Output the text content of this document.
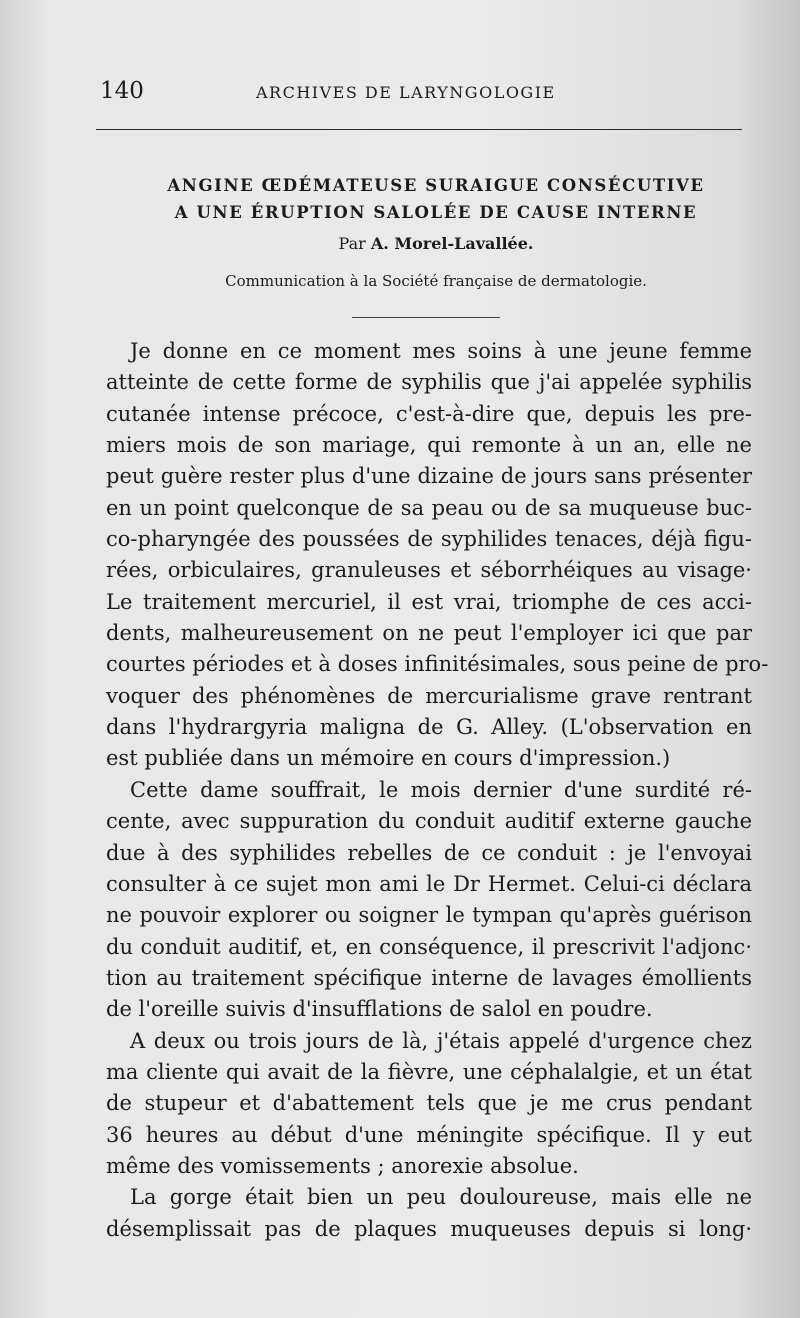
140	ARCHIVES DE LARYNGOLOGIE
ANGINE ŒDÉMATEUSE SURAIGUE CONSÉCUTIVE
A UNE ÉRUPTION SALOLÉE DE CAUSE INTERNE
Par A. Morel-Lavallée.
Communication à la Société française de dermatologie.
Je donne en ce moment mes soins à une jeune femme
atteinte de cette forme de syphilis que j'ai appelée syphilis
cutanée intense précoce, c'est-à-dire que, depuis les pre-
miers mois de son mariage, qui remonte à un an, elle ne
peut guère rester plus d'une dizaine de jours sans présenter
en un point quelconque de sa peau ou de sa muqueuse buc-
co-pharyngée des poussées de syphilides tenaces, déjà figu-
rées, orbiculaires, granuleuses et séborrhéiques au visage·
Le traitement mercuriel, il est vrai, triomphe de ces acci-
dents, malheureusement on ne peut l'employer ici que par
courtes périodes et à doses infinitésimales, sous peine de pro-
voquer des phénomènes de mercurialisme grave rentrant
dans l'hydrargyria maligna de G. Alley. (L'observation en
est publiée dans un mémoire en cours d'impression.)
Cette dame souffrait, le mois dernier d'une surdité ré-
cente, avec suppuration du conduit auditif externe gauche
due à des syphilides rebelles de ce conduit : je l'envoyai
consulter à ce sujet mon ami le Dr Hermet. Celui-ci déclara
ne pouvoir explorer ou soigner le tympan qu'après guérison
du conduit auditif, et, en conséquence, il prescrivit l'adjonc·
tion au traitement spécifique interne de lavages émollients
de l'oreille suivis d'insufflations de salol en poudre.
A deux ou trois jours de là, j'étais appelé d'urgence chez
ma cliente qui avait de la fièvre, une céphalalgie, et un état
de stupeur et d'abattement tels que je me crus pendant
36 heures au début d'une méningite spécifique. Il y eut
même des vomissements ; anorexie absolue.
La gorge était bien un peu douloureuse, mais elle ne
désemplissait pas de plaques muqueuses depuis si long·
